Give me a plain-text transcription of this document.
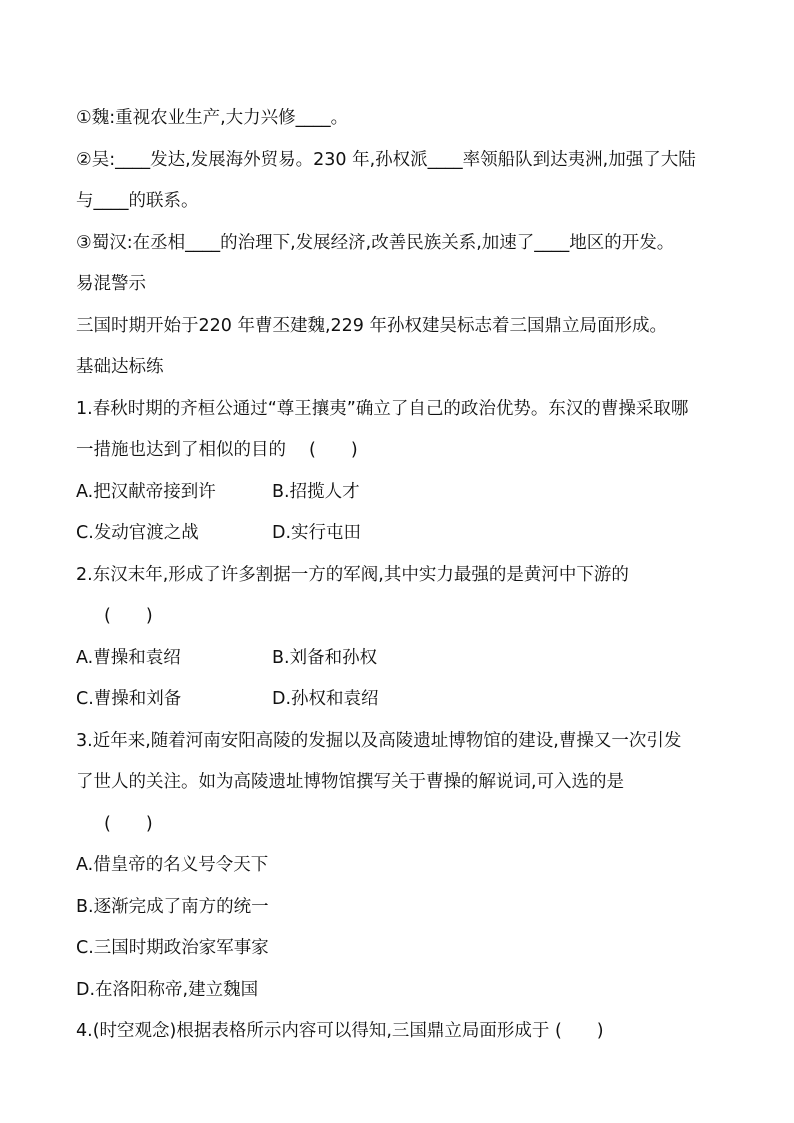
①魏:重视农业生产,大力兴修____。
②吴:____发达,发展海外贸易。230 年,孙权派____率领船队到达夷洲,加强了大陆
与____的联系。
③蜀汉:在丞相____的治理下,发展经济,改善民族关系,加速了____地区的开发。
易混警示
三国时期开始于220 年曹丕建魏,229 年孙权建吴标志着三国鼎立局面形成。
基础达标练
1.春秋时期的齐桓公通过“尊王攘夷”确立了自己的政治优势。东汉的曹操采取哪
一措施也达到了相似的目的　 (　　)
A.把汉献帝接到许	B.招揽人才
C.发动官渡之战	D.实行屯田
2.东汉末年,形成了许多割据一方的军阀,其中实力最强的是黄河中下游的
(　　)
A.曹操和袁绍	B.刘备和孙权
C.曹操和刘备	D.孙权和袁绍
3.近年来,随着河南安阳高陵的发掘以及高陵遗址博物馆的建设,曹操又一次引发
了世人的关注。如为高陵遗址博物馆撰写关于曹操的解说词,可入选的是
(　　)
A.借皇帝的名义号令天下
B.逐渐完成了南方的统一
C.三国时期政治家军事家
D.在洛阳称帝,建立魏国
4.(时空观念)根据表格所示内容可以得知,三国鼎立局面形成于 (　　)
